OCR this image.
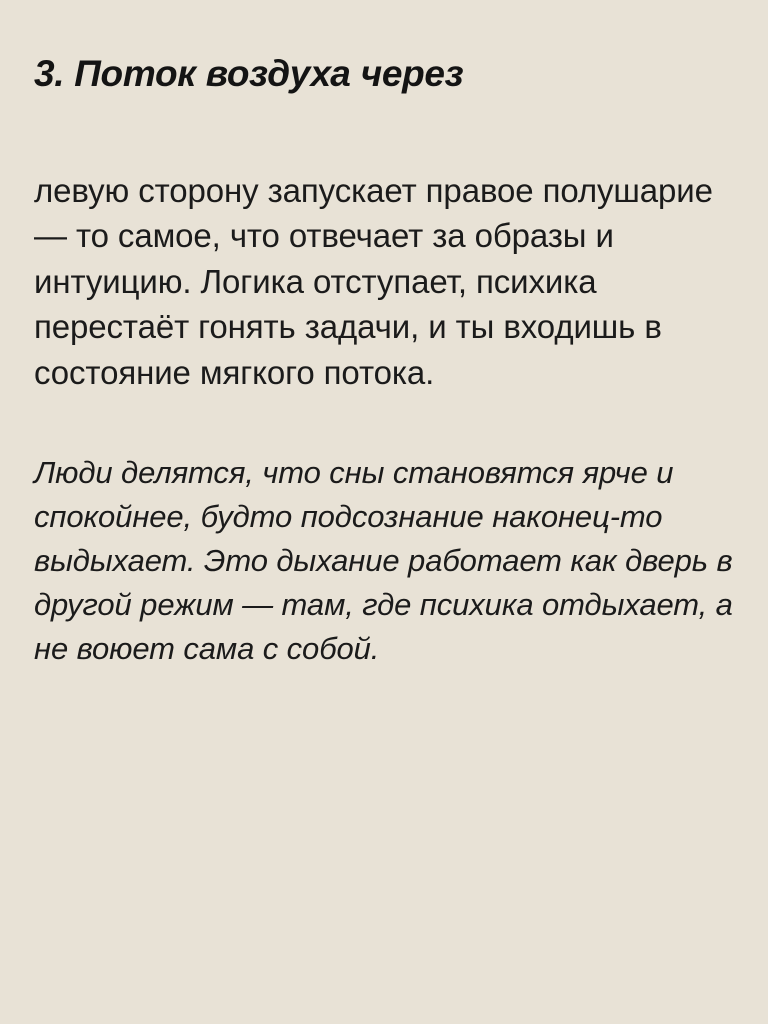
3. Поток воздуха через

левую сторону запускает правое полушарие — то самое, что отвечает за образы и интуицию. Логика отступает, психика перестаёт гонять задачи, и ты входишь в состояние мягкого потока.

Люди делятся, что сны становятся ярче и спокойнее, будто подсознание наконец-то выдыхает. Это дыхание работает как дверь в другой режим — там, где психика отдыхает, а не воюет сама с собой.
